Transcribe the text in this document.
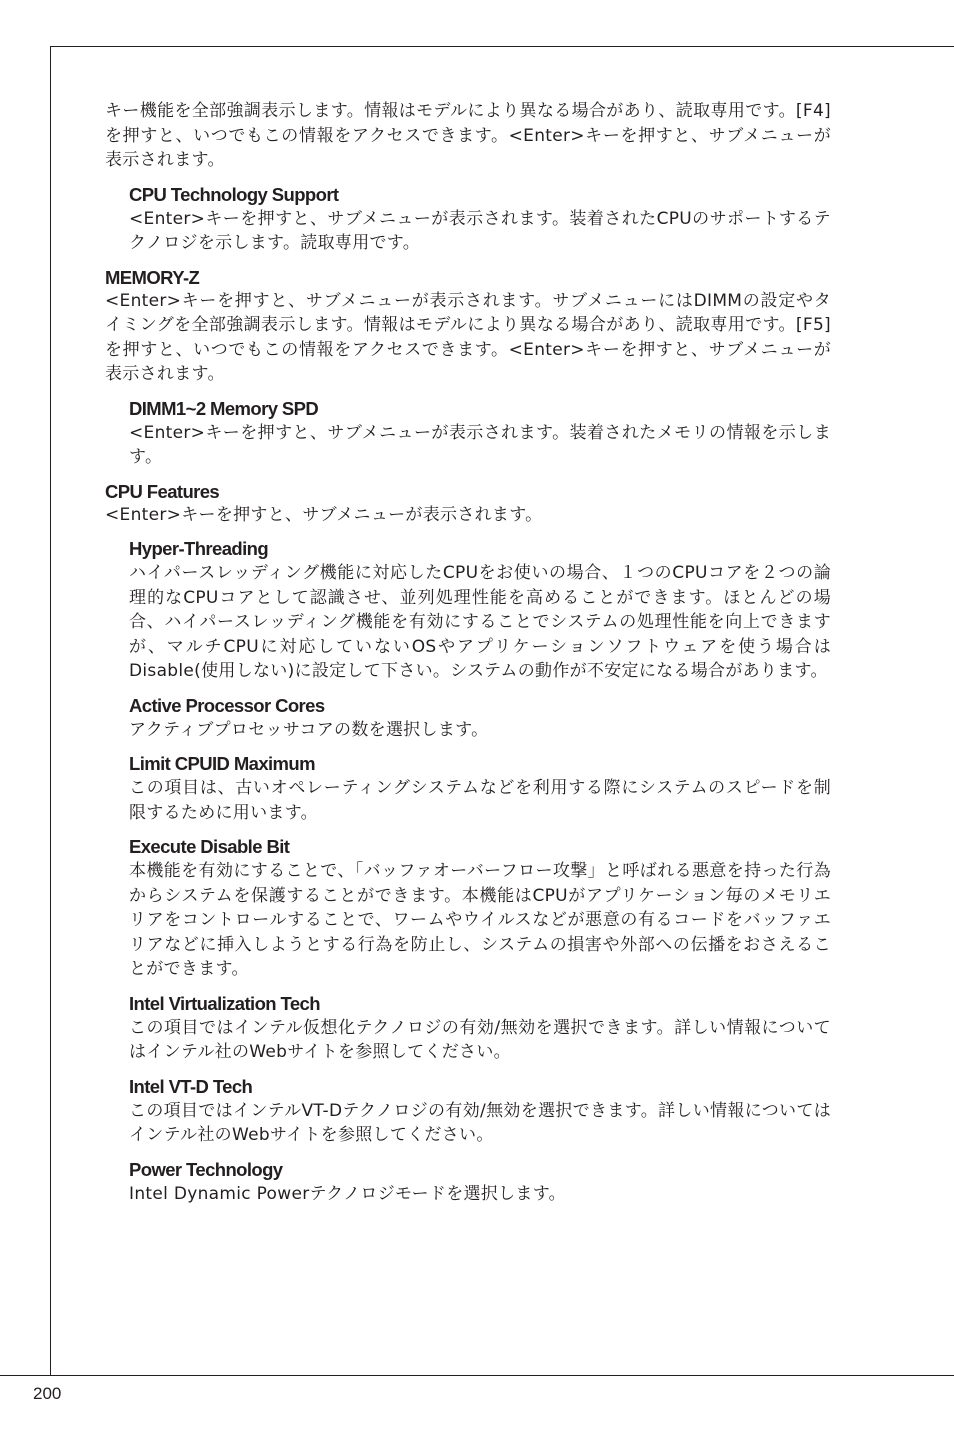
キー機能を全部強調表示します。情報はモデルにより異なる場合があり、読取専用です。[F4]を押すと、いつでもこの情報をアクセスできます。<Enter>キーを押すと、サブメニューが表示されます。

CPU Technology Support

<Enter>キーを押すと、サブメニューが表示されます。装着されたCPUのサポートするテクノロジを示します。読取専用です。

MEMORY-Z

<Enter>キーを押すと、サブメニューが表示されます。サブメニューにはDIMMの設定やタイミングを全部強調表示します。情報はモデルにより異なる場合があり、読取専用です。[F5]を押すと、いつでもこの情報をアクセスできます。<Enter>キーを押すと、サブメニューが表示されます。

DIMM1~2 Memory SPD

<Enter>キーを押すと、サブメニューが表示されます。装着されたメモリの情報を示します。

CPU Features

<Enter>キーを押すと、サブメニューが表示されます。

Hyper-Threading

ハイパースレッディング機能に対応したCPUをお使いの場合、１つのCPUコアを２つの論理的なCPUコアとして認識させ、並列処理性能を高めることができます。ほとんどの場合、ハイパースレッディング機能を有効にすることでシステムの処理性能を向上できますが、マルチCPUに対応していないOSやアプリケーションソフトウェアを使う場合はDisable(使用しない)に設定して下さい。システムの動作が不安定になる場合があります。

Active Processor Cores

アクティブプロセッサコアの数を選択します。

Limit CPUID Maximum

この項目は、古いオペレーティングシステムなどを利用する際にシステムのスピードを制限するために用います。

Execute Disable Bit

本機能を有効にすることで、「バッファオーバーフロー攻撃」と呼ばれる悪意を持った行為からシステムを保護することができます。本機能はCPUがアプリケーション毎のメモリエリアをコントロールすることで、ワームやウイルスなどが悪意の有るコードをバッファエリアなどに挿入しようとする行為を防止し、システムの損害や外部への伝播をおさえることができます。

Intel Virtualization Tech

この項目ではインテル仮想化テクノロジの有効/無効を選択できます。詳しい情報についてはインテル社のWebサイトを参照してください。

Intel VT-D Tech

この項目ではインテルVT-Dテクノロジの有効/無効を選択できます。詳しい情報についてはインテル社のWebサイトを参照してください。

Power Technology

Intel Dynamic Powerテクノロジモードを選択します。

200
